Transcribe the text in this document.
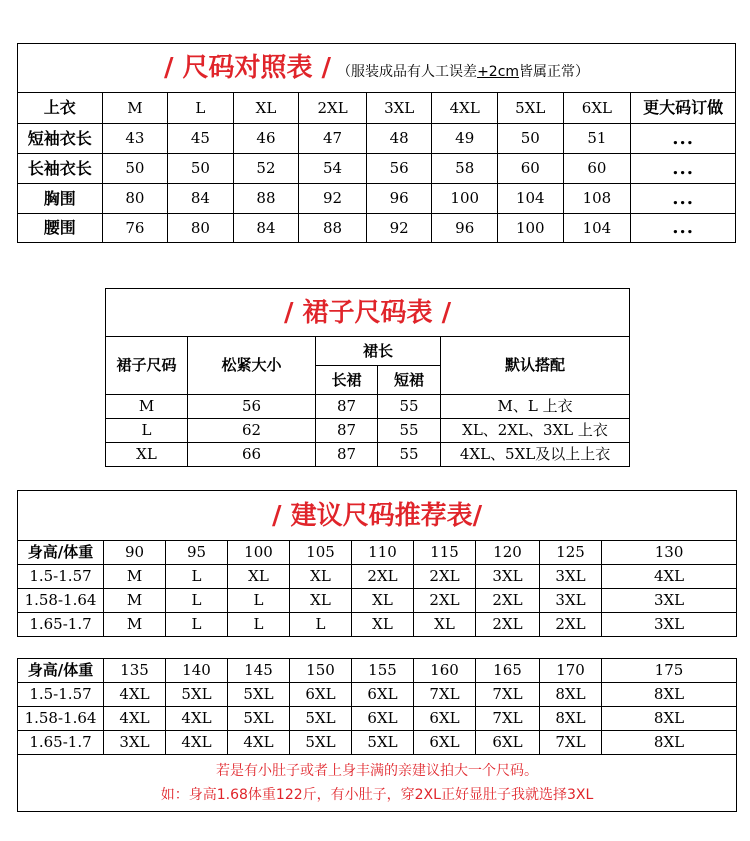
/ 尺码对照表 / （服装成品有人工误差+2cm皆属正常）									
上衣	M	L	XL	2XL	3XL	4XL	5XL	6XL	更大码订做
短袖衣长	43	45	46	47	48	49	50	51	...
长袖衣长	50	50	52	54	56	58	60	60	...
胸围	80	84	88	92	96	100	104	108	...
腰围	76	80	84	88	92	96	100	104	...
/ 裙子尺码表 /				
裙子尺码	松紧大小	裙长		默认搭配
		长裙	短裙	
M	56	87	55	M、L 上衣
L	62	87	55	XL、2XL、3XL 上衣
XL	66	87	55	4XL、5XL及以上上衣
/ 建议尺码推荐表/									
身高/体重	90	95	100	105	110	115	120	125	130
1.5-1.57	M	L	XL	XL	2XL	2XL	3XL	3XL	4XL
1.58-1.64	M	L	L	XL	XL	2XL	2XL	3XL	3XL
1.65-1.7	M	L	L	L	XL	XL	2XL	2XL	3XL
身高/体重	135	140	145	150	155	160	165	170	175
1.5-1.57	4XL	5XL	5XL	6XL	6XL	7XL	7XL	8XL	8XL
1.58-1.64	4XL	4XL	5XL	5XL	6XL	6XL	7XL	8XL	8XL
1.65-1.7	3XL	4XL	4XL	5XL	5XL	6XL	6XL	7XL	8XL

若是有小肚子或者上身丰满的亲建议拍大一个尺码。
如：身高1.68体重122斤，有小肚子，穿2XL正好显肚子我就选择3XL									
